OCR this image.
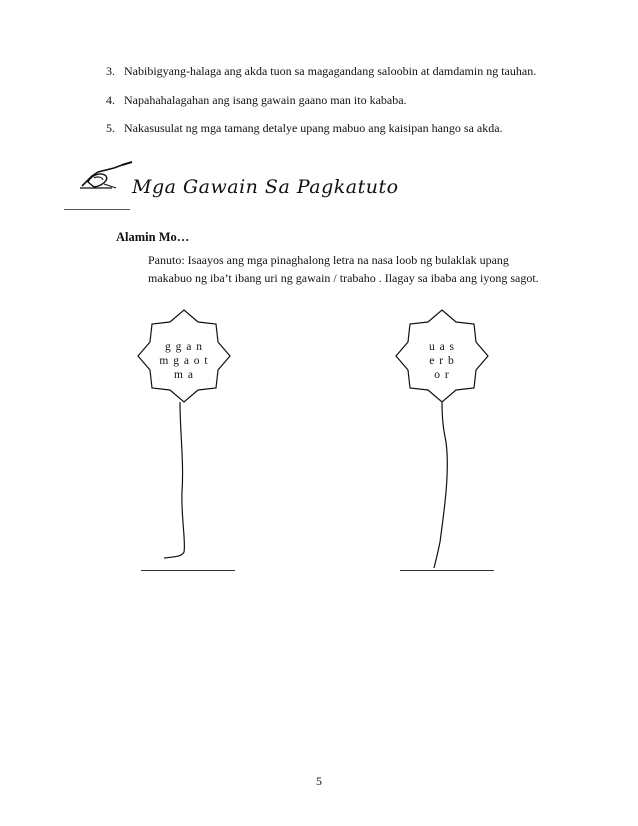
3. Nabibigyang-halaga ang akda tuon sa magagandang saloobin at damdamin ng tauhan.
4. Napahahalagahan ang isang gawain gaano man ito kababa.
5. Nakasusulat ng mga tamang detalye upang mabuo ang kaisipan hango sa akda.
Mga Gawain Sa Pagkatuto
Alamin Mo…
Panuto: Isaayos ang mga pinaghalong letra na nasa loob ng bulaklak upang
makabuo ng iba’t ibang uri ng gawain / trabaho . Ilagay sa ibaba ang iyong sagot.
g g a n
m g a o t
m a
u a s
e r b
o r
5
